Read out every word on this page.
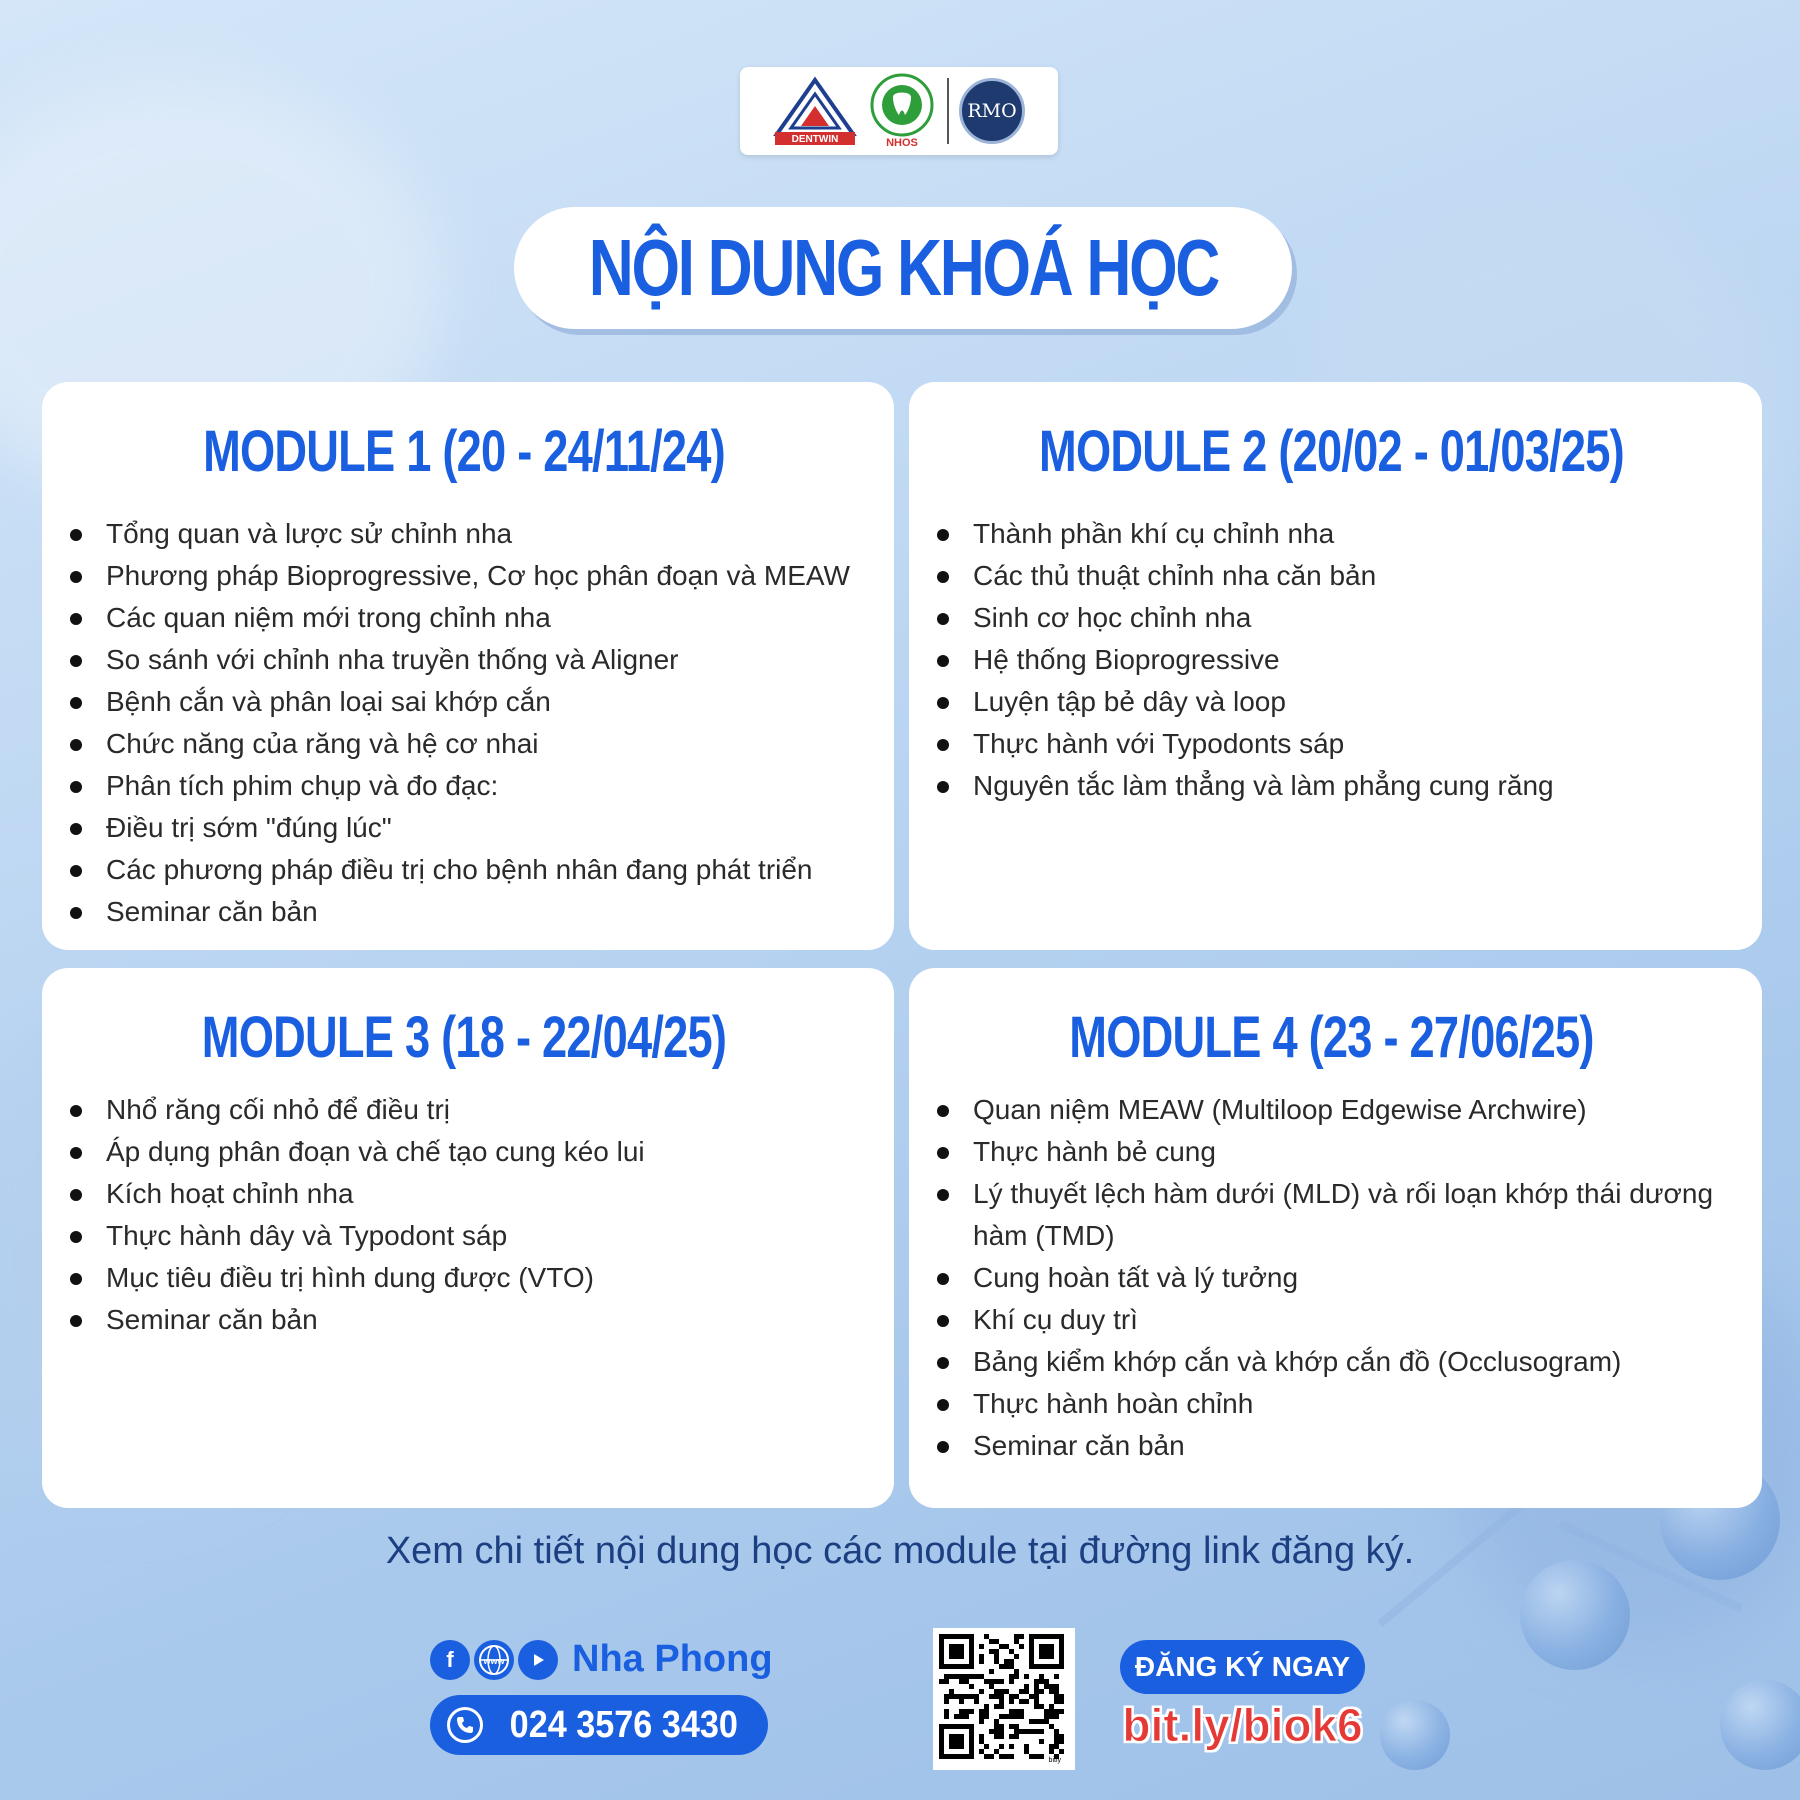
DENTWIN	NHOS
RMO
NỘI DUNG KHOÁ HỌC
MODULE 1 (20 - 24/11/24)
Tổng quan và lược sử chỉnh nha
Phương pháp Bioprogressive, Cơ học phân đoạn và MEAW
Các quan niệm mới trong chỉnh nha
So sánh với chỉnh nha truyền thống và Aligner
Bệnh cắn và phân loại sai khớp cắn
Chức năng của răng và hệ cơ nhai
Phân tích phim chụp và đo đạc:
Điều trị sớm "đúng lúc"
Các phương pháp điều trị cho bệnh nhân đang phát triển
Seminar căn bản
MODULE 2 (20/02 - 01/03/25)
Thành phần khí cụ chỉnh nha
Các thủ thuật chỉnh nha căn bản
Sinh cơ học chỉnh nha
Hệ thống Bioprogressive
Luyện tập bẻ dây và loop
Thực hành với Typodonts sáp
Nguyên tắc làm thẳng và làm phẳng cung răng
MODULE 3 (18 - 22/04/25)
Nhổ răng cối nhỏ để điều trị
Áp dụng phân đoạn và chế tạo cung kéo lui
Kích hoạt chỉnh nha
Thực hành dây và Typodont sáp
Mục tiêu điều trị hình dung được (VTO)
Seminar căn bản
MODULE 4 (23 - 27/06/25)
Quan niệm MEAW (Multiloop Edgewise Archwire)
Thực hành bẻ cung
Lý thuyết lệch hàm dưới (MLD) và rối loạn khớp thái dương hàm (TMD)
Cung hoàn tất và lý tưởng
Khí cụ duy trì
Bảng kiểm khớp cắn và khớp cắn đồ (Occlusogram)
Thực hành hoàn chỉnh
Seminar căn bản
Xem chi tiết nội dung học các module tại đường link đăng ký.
f	www Nha Phong
024 3576 3430
bitly
ĐĂNG KÝ NGAY
bit.ly/biok6
